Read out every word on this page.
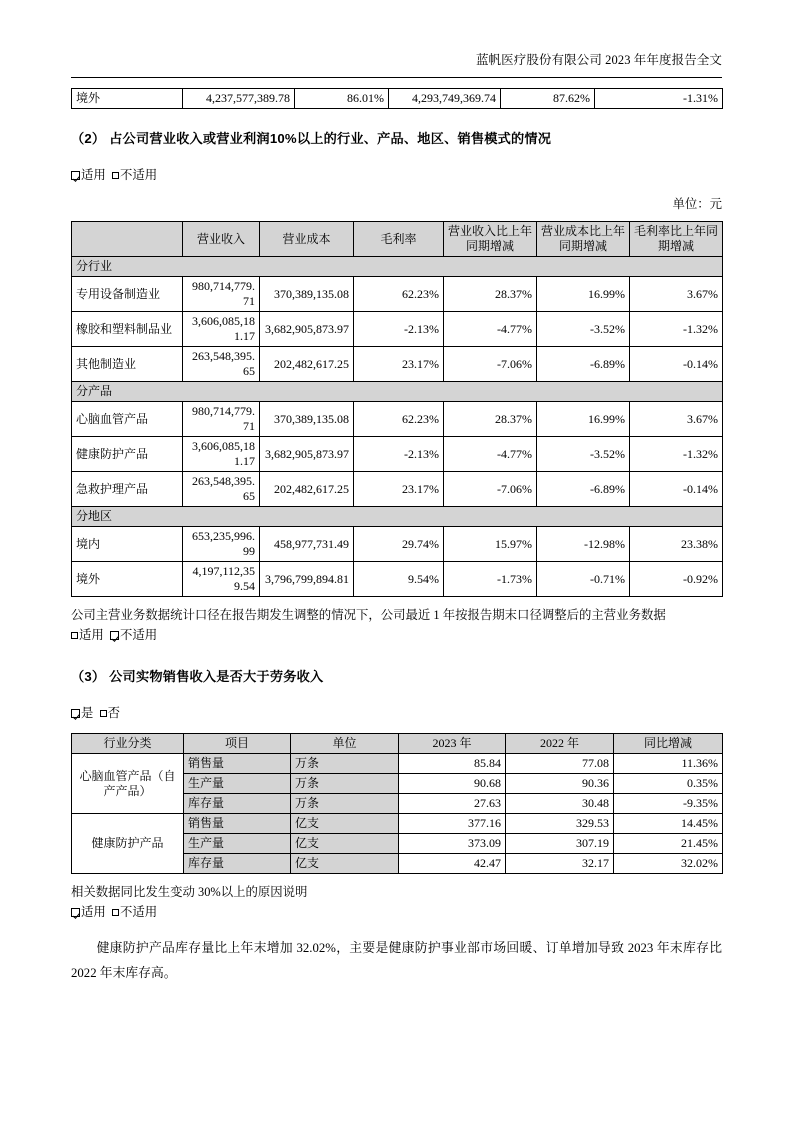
蓝帆医疗股份有限公司 2023 年年度报告全文
境外	4,237,577,389.78	86.01%	4,293,749,369.74	87.62%	-1.31%
（2） 占公司营业收入或营业利润10%以上的行业、产品、地区、销售模式的情况
适用 不适用
单位：元
	营业收入	营业成本	毛利率	营业收入比上年同期增减	营业成本比上年同期增减	毛利率比上年同期增减
分行业						
专用设备制造业	980,714,779.71	370,389,135.08	62.23%	28.37%	16.99%	3.67%
橡胶和塑料制品业	3,606,085,181.17	3,682,905,873.97	-2.13%	-4.77%	-3.52%	-1.32%
其他制造业	263,548,395.65	202,482,617.25	23.17%	-7.06%	-6.89%	-0.14%
分产品						
心脑血管产品	980,714,779.71	370,389,135.08	62.23%	28.37%	16.99%	3.67%
健康防护产品	3,606,085,181.17	3,682,905,873.97	-2.13%	-4.77%	-3.52%	-1.32%
急救护理产品	263,548,395.65	202,482,617.25	23.17%	-7.06%	-6.89%	-0.14%
分地区						
境内	653,235,996.99	458,977,731.49	29.74%	15.97%	-12.98%	23.38%
境外	4,197,112,359.54	3,796,799,894.81	9.54%	-1.73%	-0.71%	-0.92%
公司主营业务数据统计口径在报告期发生调整的情况下，公司最近 1 年按报告期末口径调整后的主营业务数据
适用 不适用
（3） 公司实物销售收入是否大于劳务收入
是 否
行业分类	项目	单位	2023 年	2022 年	同比增减
心脑血管产品（自产产品）	销售量	万条	85.84	77.08	11.36%
	生产量	万条	90.68	90.36	0.35%
	库存量	万条	27.63	30.48	-9.35%
健康防护产品	销售量	亿支	377.16	329.53	14.45%
	生产量	亿支	373.09	307.19	21.45%
	库存量	亿支	42.47	32.17	32.02%
相关数据同比发生变动 30%以上的原因说明
适用 不适用
健康防护产品库存量比上年末增加 32.02%，主要是健康防护事业部市场回暖、订单增加导致 2023 年末库存比 2022 年末库存高。
